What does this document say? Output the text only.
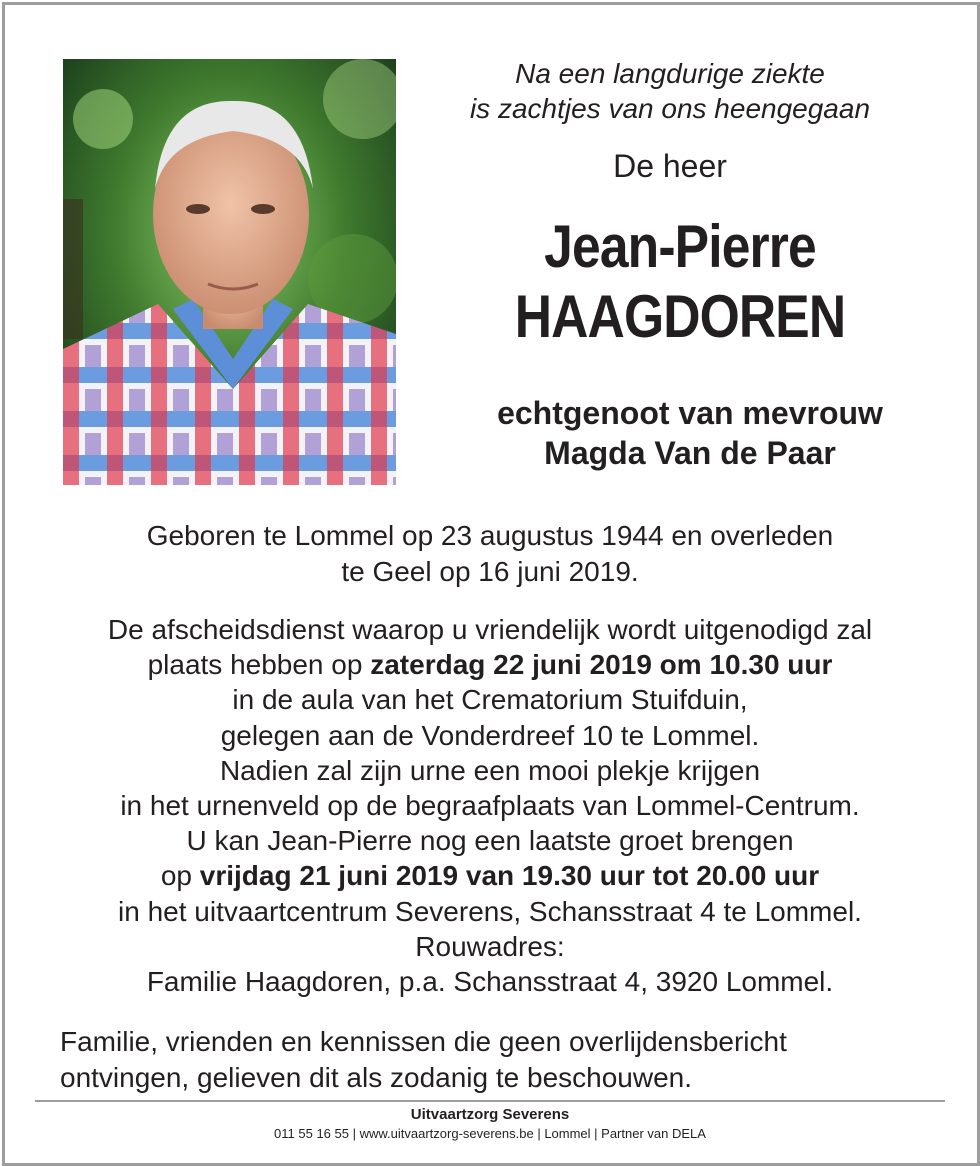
Na een langdurige ziekte
is zachtjes van ons heengegaan
De heer
Jean-Pierre
HAAGDOREN
echtgenoot van mevrouw
Magda Van de Paar
Geboren te Lommel op 23 augustus 1944 en overleden
te Geel op 16 juni 2019.
De afscheidsdienst waarop u vriendelijk wordt uitgenodigd zal
plaats hebben op zaterdag 22 juni 2019 om 10.30 uur
in de aula van het Crematorium Stuifduin,
gelegen aan de Vonderdreef 10 te Lommel.
Nadien zal zijn urne een mooi plekje krijgen
in het urnenveld op de begraafplaats van Lommel-Centrum.
U kan Jean-Pierre nog een laatste groet brengen
op vrijdag 21 juni 2019 van 19.30 uur tot 20.00 uur
in het uitvaartcentrum Severens, Schansstraat 4 te Lommel.
Rouwadres:
Familie Haagdoren, p.a. Schansstraat 4, 3920 Lommel.
Familie, vrienden en kennissen die geen overlijdensbericht
ontvingen, gelieven dit als zodanig te beschouwen.
Uitvaartzorg Severens
011 55 16 55 | www.uitvaartzorg-severens.be | Lommel | Partner van DELA
